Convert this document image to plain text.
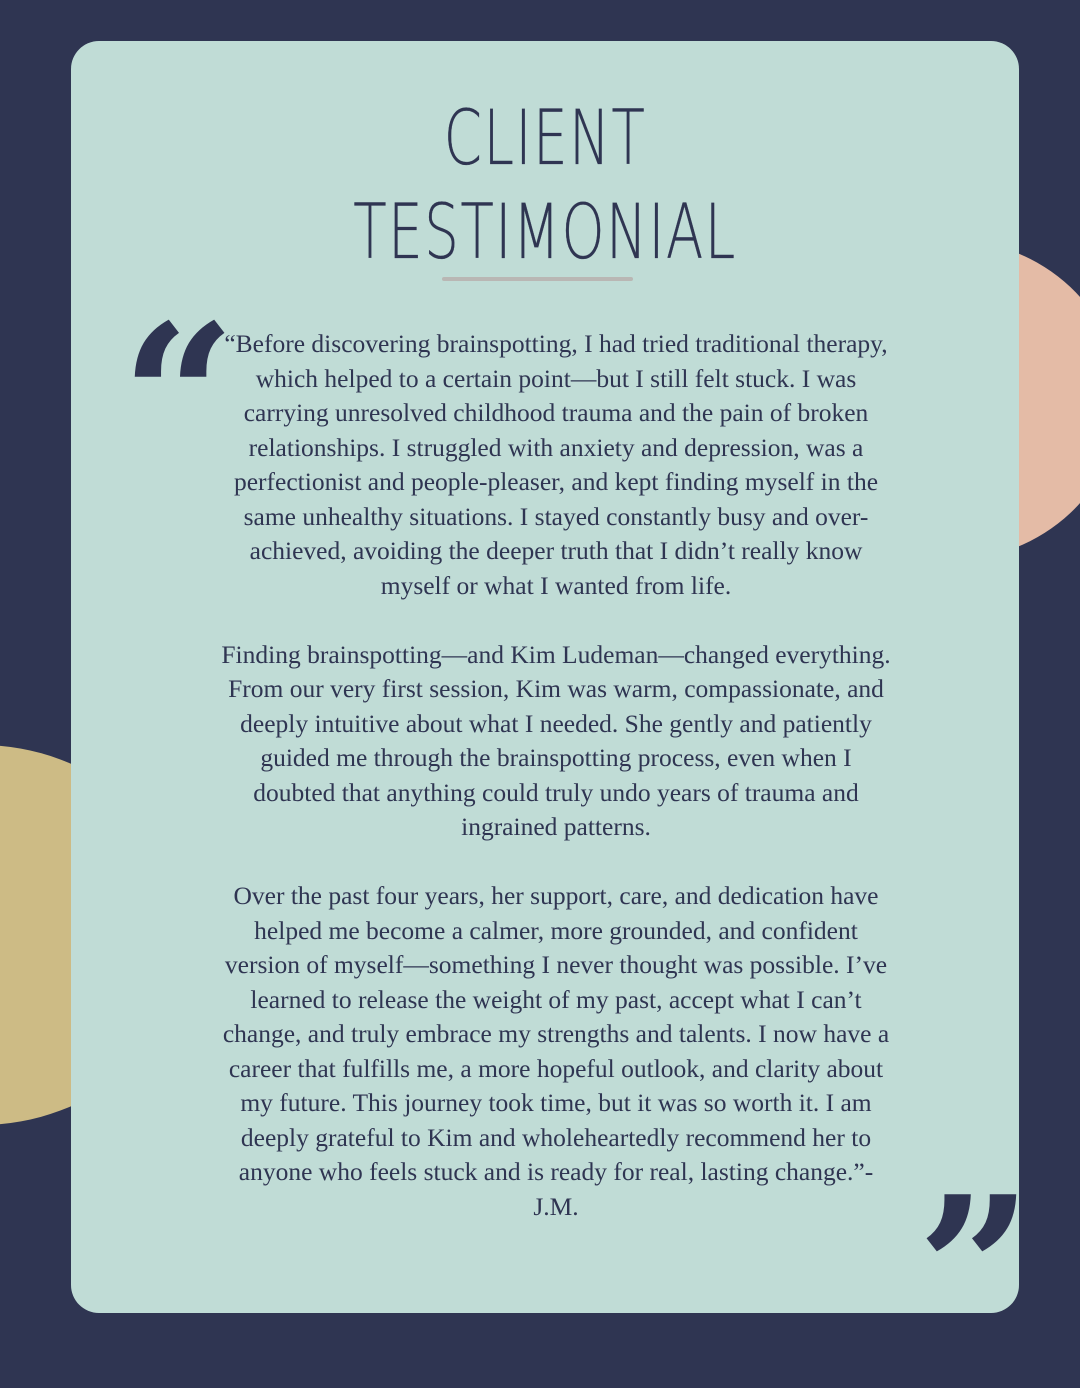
CLIENT
TESTIMONIAL
“

“Before discovering brainspotting, I had tried traditional therapy, which helped to a certain point—but I still felt stuck. I was carrying unresolved childhood trauma and the pain of broken relationships. I struggled with anxiety and depression, was a perfectionist and people-pleaser, and kept finding myself in the same unhealthy situations. I stayed constantly busy and over-achieved, avoiding the deeper truth that I didn’t really know myself or what I wanted from life.

Finding brainspotting—and Kim Ludeman—changed everything. From our very first session, Kim was warm, compassionate, and deeply intuitive about what I needed. She gently and patiently guided me through the brainspotting process, even when I doubted that anything could truly undo years of trauma and ingrained patterns.

Over the past four years, her support, care, and dedication have helped me become a calmer, more grounded, and confident version of myself—something I never thought was possible. I’ve learned to release the weight of my past, accept what I can’t change, and truly embrace my strengths and talents. I now have a career that fulfills me, a more hopeful outlook, and clarity about my future. This journey took time, but it was so worth it. I am deeply grateful to Kim and wholeheartedly recommend her to anyone who feels stuck and is ready for real, lasting change.”- J.M.	”
